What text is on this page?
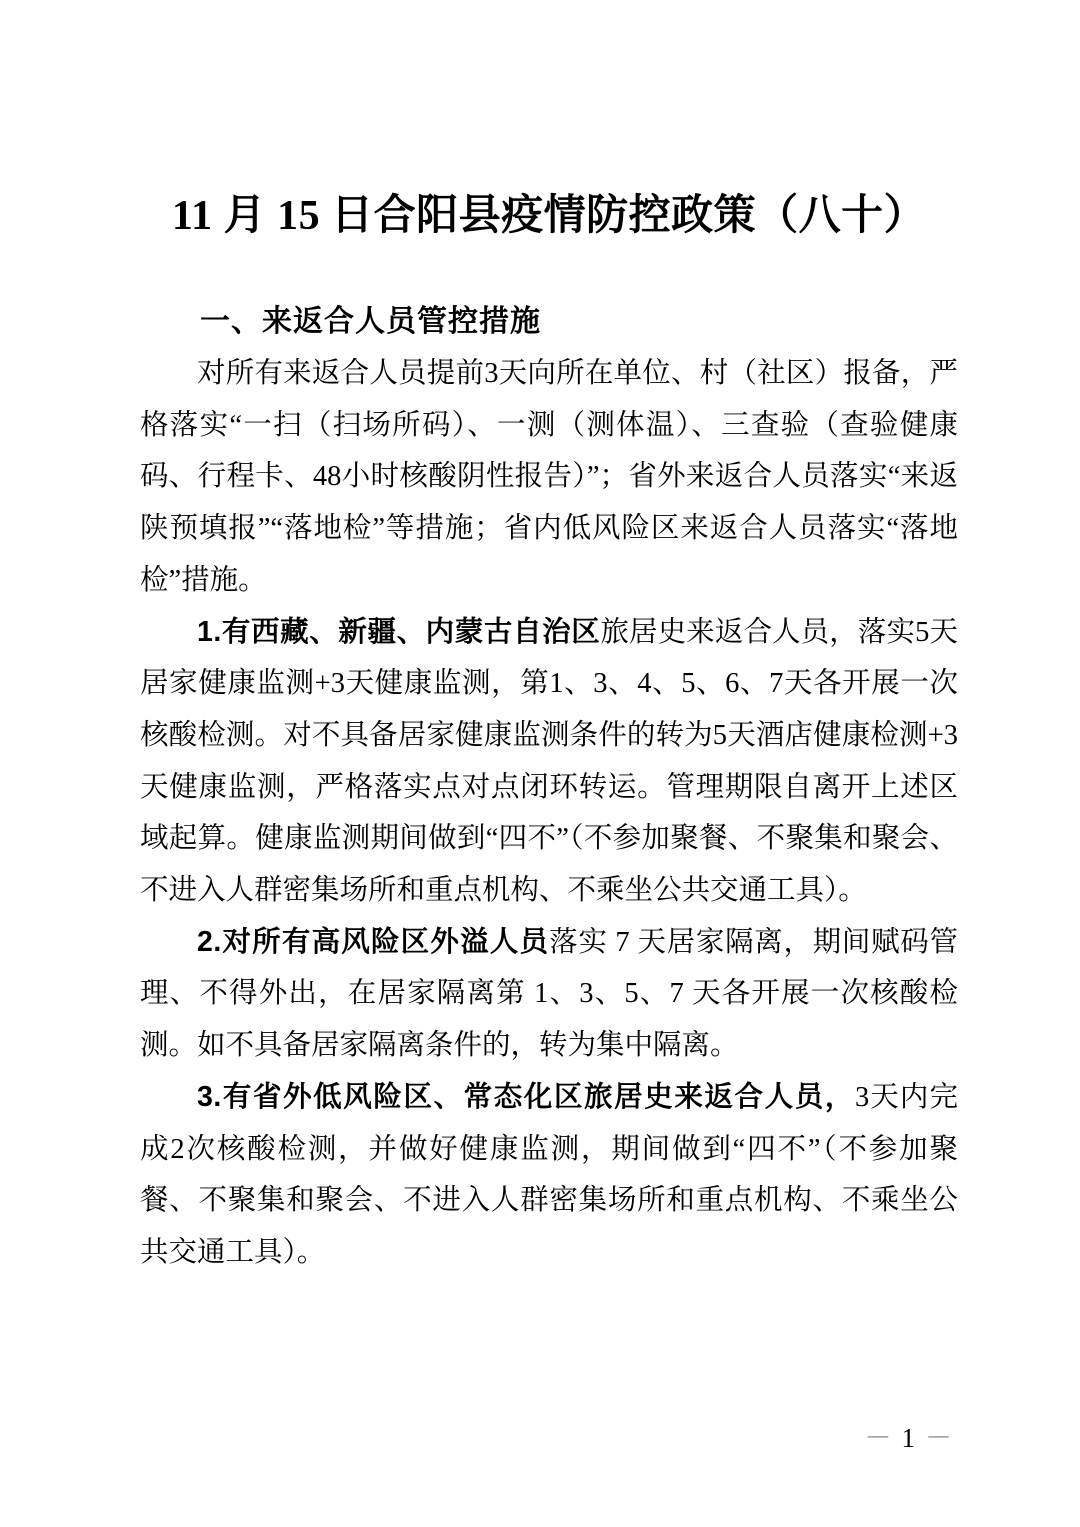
11 月 15 日合阳县疫情防控政策（八十）

一、来返合人员管控措施

对所有来返合人员提前3天向所在单位、村（社区）报备，严格落实“一扫（扫场所码）、一测（测体温）、三查验（查验健康码、行程卡、48小时核酸阴性报告）”；省外来返合人员落实“来返陕预填报”“落地检”等措施；省内低风险区来返合人员落实“落地检”措施。

1.有西藏、新疆、内蒙古自治区旅居史来返合人员，落实5天居家健康监测+3天健康监测，第1、3、4、5、6、7天各开展一次核酸检测。对不具备居家健康监测条件的转为5天酒店健康检测+3天健康监测，严格落实点对点闭环转运。管理期限自离开上述区域起算。健康监测期间做到“四不”（不参加聚餐、不聚集和聚会、不进入人群密集场所和重点机构、不乘坐公共交通工具）。

2.对所有高风险区外溢人员落实 7 天居家隔离，期间赋码管理、不得外出，在居家隔离第 1、3、5、7 天各开展一次核酸检测。如不具备居家隔离条件的，转为集中隔离。

3.有省外低风险区、常态化区旅居史来返合人员，3天内完成2次核酸检测，并做好健康监测，期间做到“四不”（不参加聚餐、不聚集和聚会、不进入人群密集场所和重点机构、不乘坐公共交通工具）。

－ 1 －
